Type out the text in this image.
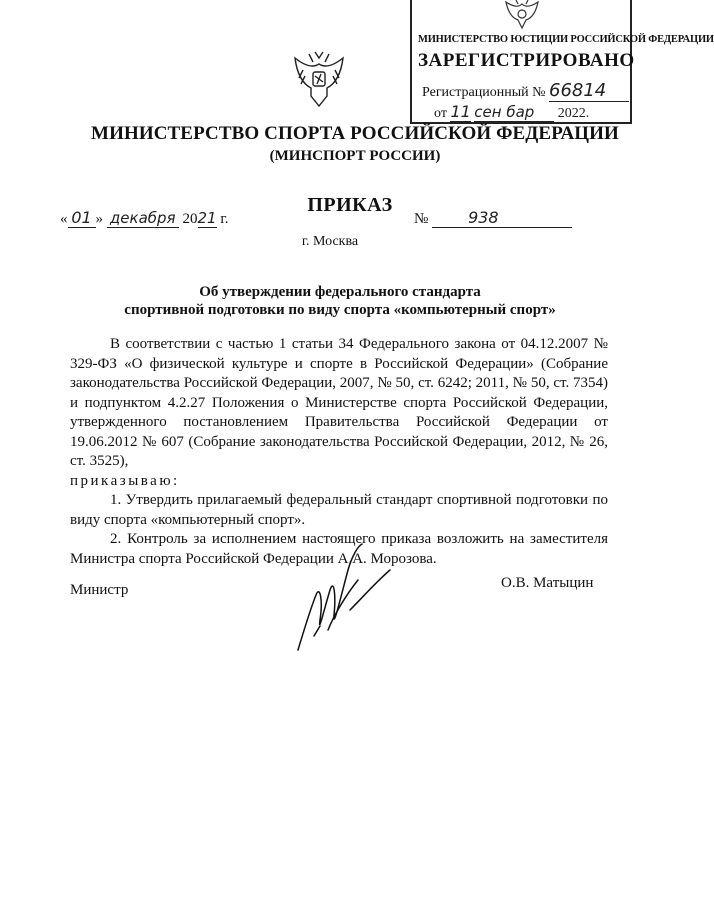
МИНИСТЕРСТВО ЮСТИЦИИ РОССИЙСКОЙ ФЕДЕРАЦИИ
ЗАРЕГИСТРИРОВАНО
Регистрационный № 66814
от 11 сен бар 2022.
МИНИСТЕРСТВО СПОРТА РОССИЙСКОЙ ФЕДЕРАЦИИ
(МИНСПОРТ РОССИИ)
ПРИКАЗ
« 01 » декабря 2021 г.	№ 938
г. Москва
Об утверждении федерального стандарта
спортивной подготовки по виду спорта «компьютерный спорт»

В соответствии с частью 1 статьи 34 Федерального закона от 04.12.2007 № 329-ФЗ «О физической культуре и спорте в Российской Федерации» (Собрание законодательства Российской Федерации, 2007, № 50, ст. 6242; 2011, № 50, ст. 7354) и подпунктом 4.2.27 Положения о Министерстве спорта Российской Федерации, утвержденного постановлением Правительства Российской Федерации от 19.06.2012 № 607 (Собрание законодательства Российской Федерации, 2012, № 26, ст. 3525),

приказываю:

1. Утвердить прилагаемый федеральный стандарт спортивной подготовки по виду спорта «компьютерный спорт».

2. Контроль за исполнением настоящего приказа возложить на заместителя Министра спорта Российской Федерации А.А. Морозова.

Министр	О.В. Матыцин
